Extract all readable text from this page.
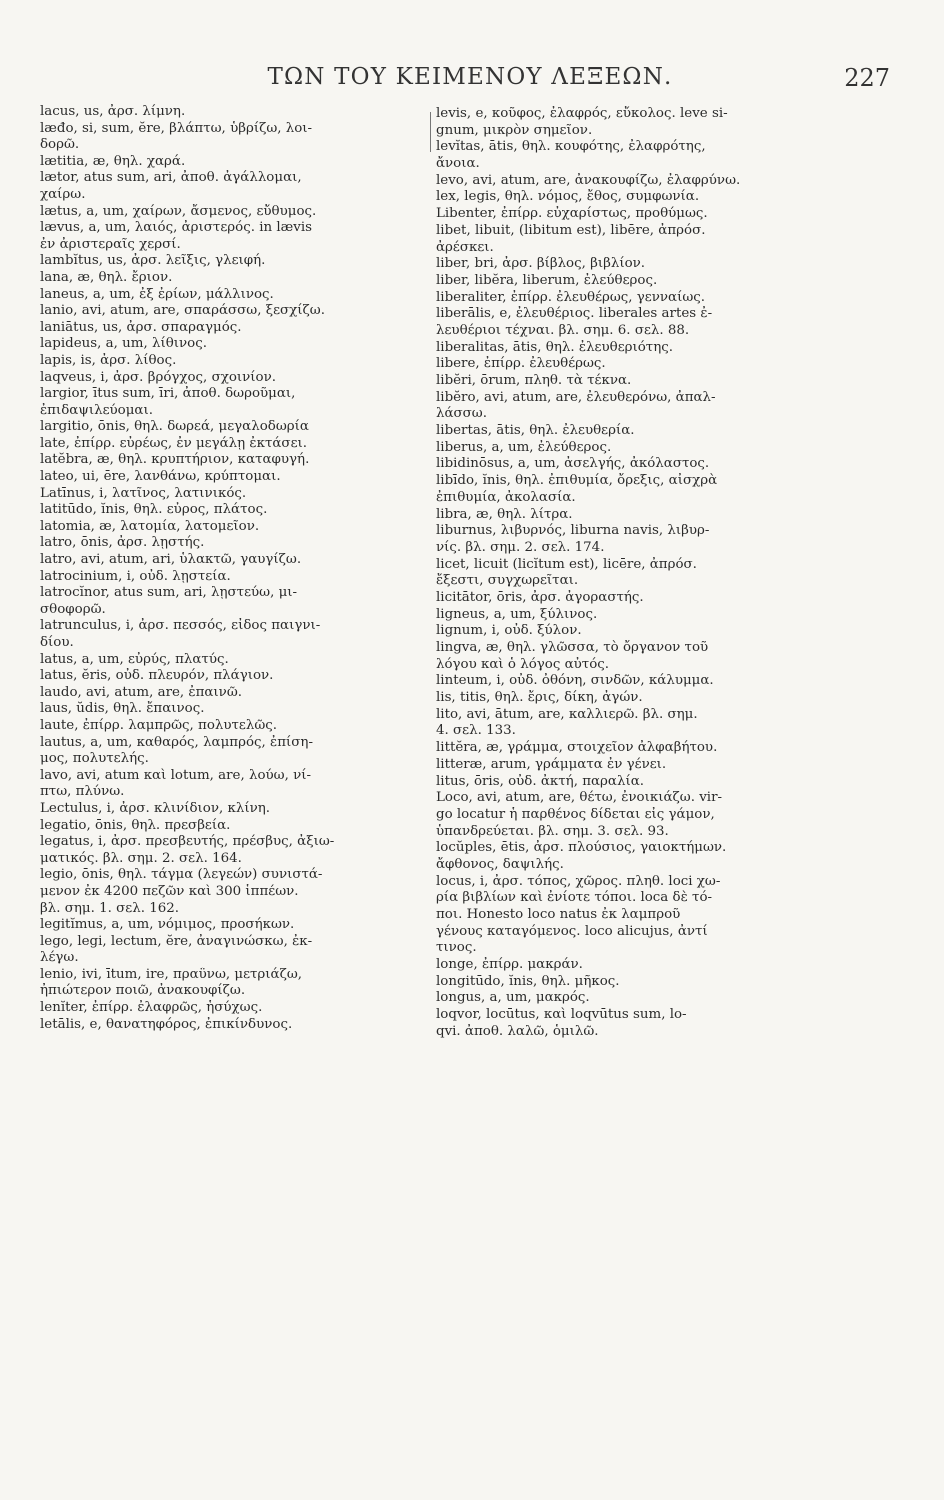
ΤΩΝ ΤΟΥ ΚΕΙΜΕΝΟΥ ΛΕΞΕΩΝ.	227
lacus, us, ἀρσ. λίμνη.
læđo, si, sum, ĕre, βλάπτω, ὑβρίζω, λοι-
δορῶ.
lætitia, æ, θηλ. χαρά.
lætor, atus sum, ari, ἀποθ. ἀγάλλομαι,
χαίρω.
lætus, a, um, χαίρων, ἄσμενος, εὔθυμος.
lævus, a, um, λαιός, ἀριστερός. in lævis
ἐν ἀριστεραῖς χερσί.
lambĭtus, us, ἀρσ. λεῖξις, γλειφή.
lana, æ, θηλ. ἔριον.
laneus, a, um, ἐξ ἐρίων, μάλλινος.
lanio, avi, atum, are, σπαράσσω, ξεσχίζω.
laniātus, us, ἀρσ. σπαραγμός.
lapideus, a, um, λίθινος.
lapis, is, ἀρσ. λίθος.
laqveus, i, ἀρσ. βρόγχος, σχοινίον.
largior, ītus sum, īri, ἀποθ. δωροῦμαι,
ἐπιδαψιλεύομαι.
largitio, ōnis, θηλ. δωρεά, μεγαλοδωρία
late, ἐπίρρ. εὐρέως, ἐν μεγάλῃ ἐκτάσει.
latĕbra, æ, θηλ. κρυπτήριον, καταφυγή.
lateo, ui, ēre, λανθάνω, κρύπτομαι.
Latīnus, i, λατῖνος, λατινικός.
latitūdo, ĭnis, θηλ. εὖρος, πλάτος.
latomia, æ, λατομία, λατομεῖον.
latro, ōnis, ἀρσ. λῃστής.
latro, avi, atum, ari, ὑλακτῶ, γαυγίζω.
latrocinium, i, οὐδ. λῃστεία.
latrocĭnor, atus sum, ari, λῃστεύω, μι-
σθοφορῶ.
latrunculus, i, ἀρσ. πεσσός, εἶδος παιγνι-
δίου.
latus, a, um, εὐρύς, πλατύς.
latus, ĕris, οὐδ. πλευρόν, πλάγιον.
laudo, avi, atum, are, ἐπαινῶ.
laus, ŭdis, θηλ. ἔπαινος.
laute, ἐπίρρ. λαμπρῶς, πολυτελῶς.
lautus, a, um, καθαρός, λαμπρός, ἐπίση-
μος, πολυτελής.
lavo, avi, atum καὶ lotum, are, λούω, νί-
πτω, πλύνω.
Lectulus, i, ἀρσ. κλινίδιον, κλίνη.
legatio, ōnis, θηλ. πρεσβεία.
legatus, i, ἀρσ. πρεσβευτής, πρέσβυς, ἀξιω-
ματικός. βλ. σημ. 2. σελ. 164.
legio, ōnis, θηλ. τάγμα (λεγεών) συνιστά-
μενον ἐκ 4200 πεζῶν καὶ 300 ἱππέων.
βλ. σημ. 1. σελ. 162.
legitĭmus, a, um, νόμιμος, προσήκων.
lego, legi, lectum, ĕre, ἀναγινώσκω, ἐκ-
λέγω.
lenio, ivi, ītum, ire, πραΰνω, μετριάζω,
ἠπιώτερον ποιῶ, ἀνακουφίζω.
lenĭter, ἐπίρρ. ἐλαφρῶς, ἡσύχως.
letālis, e, θανατηφόρος, ἐπικίνδυνος.
levis, e, κοῦφος, ἐλαφρός, εὔκολος. leve si-
gnum, μικρὸν σημεῖον.
levĭtas, ātis, θηλ. κουφότης, ἐλαφρότης,
ἄνοια.
levo, avi, atum, are, ἀνακουφίζω, ἐλαφρύνω.
lex, legis, θηλ. νόμος, ἔθος, συμφωνία.
Libenter, ἐπίρρ. εὐχαρίστως, προθύμως.
libet, libuit, (libitum est), libēre, ἀπρόσ.
ἀρέσκει.
liber, bri, ἀρσ. βίβλος, βιβλίον.
liber, libĕra, liberum, ἐλεύθερος.
liberaliter, ἐπίρρ. ἐλευθέρως, γενναίως.
liberālis, e, ἐλευθέριος. liberales artes ἐ-
λευθέριοι τέχναι. βλ. σημ. 6. σελ. 88.
liberalitas, ātis, θηλ. ἐλευθεριότης.
libere, ἐπίρρ. ἐλευθέρως.
libĕri, ōrum, πληθ. τὰ τέκνα.
libĕro, avi, atum, are, ἐλευθερόνω, ἀπαλ-
λάσσω.
libertas, ātis, θηλ. ἐλευθερία.
liberus, a, um, ἐλεύθερος.
libidinōsus, a, um, ἀσελγής, ἀκόλαστος.
libīdo, ĭnis, θηλ. ἐπιθυμία, ὄρεξις, αἰσχρὰ
ἐπιθυμία, ἀκολασία.
libra, æ, θηλ. λίτρα.
liburnus, λιβυρνός, liburna navis, λιβυρ-
νίς. βλ. σημ. 2. σελ. 174.
licet, licuit (licĭtum est), licēre, ἀπρόσ.
ἔξεστι, συγχωρεῖται.
licitātor, ōris, ἀρσ. ἀγοραστής.
ligneus, a, um, ξύλινος.
lignum, i, οὐδ. ξύλον.
lingva, æ, θηλ. γλῶσσα, τὸ ὄργανον τοῦ
λόγου καὶ ὁ λόγος αὐτός.
linteum, i, οὐδ. ὀθόνη, σινδῶν, κάλυμμα.
lis, titis, θηλ. ἔρις, δίκη, ἀγών.
lito, avi, ātum, are, καλλιερῶ. βλ. σημ.
4. σελ. 133.
littĕra, æ, γράμμα, στοιχεῖον ἀλφαβήτου.
litteræ, arum, γράμματα ἐν γένει.
litus, ōris, οὐδ. ἀκτή, παραλία.
Loco, avi, atum, are, θέτω, ἐνοικιάζω. vir-
go locatur ἡ παρθένος δίδεται εἰς γάμον,
ὑπανδρεύεται. βλ. σημ. 3. σελ. 93.
locŭples, ētis, ἀρσ. πλούσιος, γαιοκτήμων.
ἄφθονος, δαψιλής.
locus, i, ἀρσ. τόπος, χῶρος. πληθ. loci χω-
ρία βιβλίων καὶ ἐνίοτε τόποι. loca δὲ τό-
ποι. Honesto loco natus ἐκ λαμπροῦ
γένους καταγόμενος. loco alicujus, ἀντί
τινος.
longe, ἐπίρρ. μακράν.
longitūdo, ĭnis, θηλ. μῆκος.
longus, a, um, μακρός.
loqvor, locūtus, καὶ loqvūtus sum, lo-
qvi. ἀποθ. λαλῶ, ὁμιλῶ.
